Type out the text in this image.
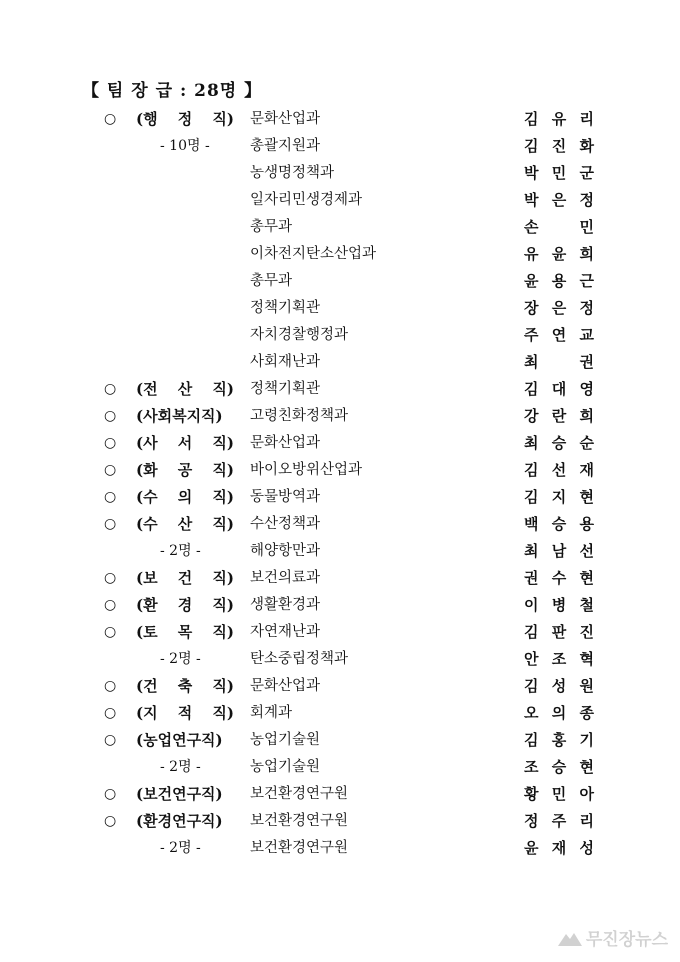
【 팀 장 급 : 28명 】
○ (행 정 직) 문화산업과	김 유 리
- 10명 -	총괄지원과	김 진 화
농생명정책과	박 민 군
일자리민생경제과	박 은 정
총무과	손	민
이차전지탄소산업과	유 윤 희
총무과	윤 용 근
정책기획관	장 은 정
자치경찰행정과	주 연 교
사회재난과	최	권
○ (전 산 직) 정책기획관	김 대 영
○ (사회복지직) 고령친화정책과	강 란 희
○ (사 서 직) 문화산업과	최 승 순
○ (화 공 직) 바이오방위산업과	김 선 재
○ (수 의 직) 동물방역과	김 지 현
○ (수 산 직) 수산정책과	백 승 용
- 2명 -	해양항만과	최 남 선
○ (보 건 직) 보건의료과	권 수 현
○ (환 경 직) 생활환경과	이 병 철
○ (토 목 직) 자연재난과	김 판 진
- 2명 -	탄소중립정책과	안 조 혁
○ (건 축 직) 문화산업과	김 성 원
○ (지 적 직) 회계과	오 의 종
○ (농업연구직) 농업기술원	김 홍 기
- 2명 -	농업기술원	조 승 현
○ (보건연구직) 보건환경연구원	황 민 아
○ (환경연구직) 보건환경연구원	정 주 리
- 2명 -	보건환경연구원	윤 재 성
무진장뉴스
